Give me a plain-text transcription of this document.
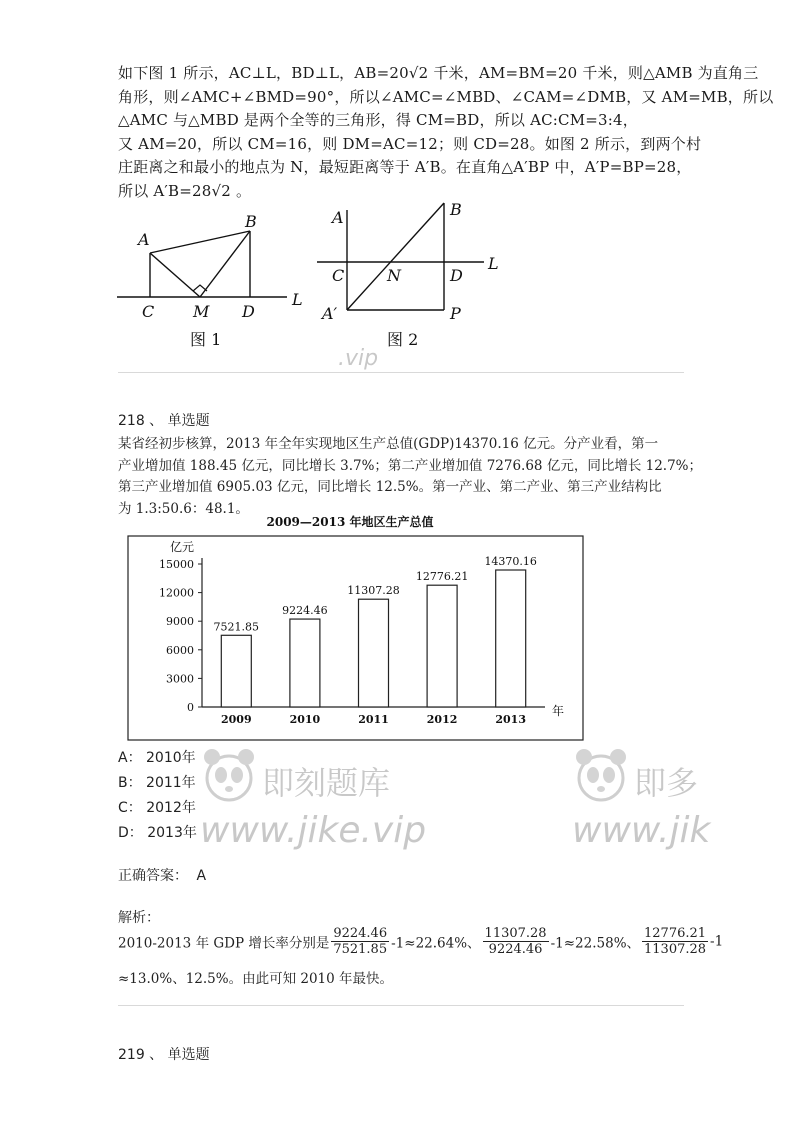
如下图 1 所示，AC⊥L，BD⊥L，AB=20√2 千米，AM=BM=20 千米，则△AMB 为直角三
角形，则∠AMC+∠BMD=90°，所以∠AMC=∠MBD、∠CAM=∠DMB，又 AM=MB，所以
△AMC 与△MBD 是两个全等的三角形，得 CM=BD，所以 AC:CM=3:4，
又 AM=20，所以 CM=16，则 DM=AC=12；则 CD=28。如图 2 所示，到两个村
庄距离之和最小的地点为 N，最短距离等于 A′B。在直角△A′BP 中，A′P=BP=28，
所以 A′B=28√2 。
A
B
C M D
L
图 1
A	B
C	N	D
L
A′	P
图 2
.vip
218 、 单选题
某省经初步核算，2013 年全年实现地区生产总值(GDP)14370.16 亿元。分产业看，第一
产业增加值 188.45 亿元，同比增长 3.7%；第二产业增加值 7276.68 亿元，同比增长 12.7%；
第三产业增加值 6905.03 亿元，同比增长 12.5%。第一产业、第二产业、第三产业结构比
为 1.3:50.6：48.1。
2009—2013 年地区生产总值
亿元
年
0
3000
6000
9000
12000
15000
7521.85
2009
9224.46
2010
11307.28
2011
12776.21
2012
14370.16
2013
A： 2010年
B： 2011年
C： 2012年
D： 2013年
即刻题库
www.jike.vip
即多
www.jik
正确答案： A
解析：
2010-2013 年 GDP 增长率分别是 $\frac{9224.46}{7521.85} -1\approx 22.64\%$、 $\frac{11307.28}{9224.46} -1\approx 22.58\%$、 $\frac{12776.21}{11307.28} -1$
≈13.0%、12.5%。由此可知 2010 年最快。
219 、 单选题
